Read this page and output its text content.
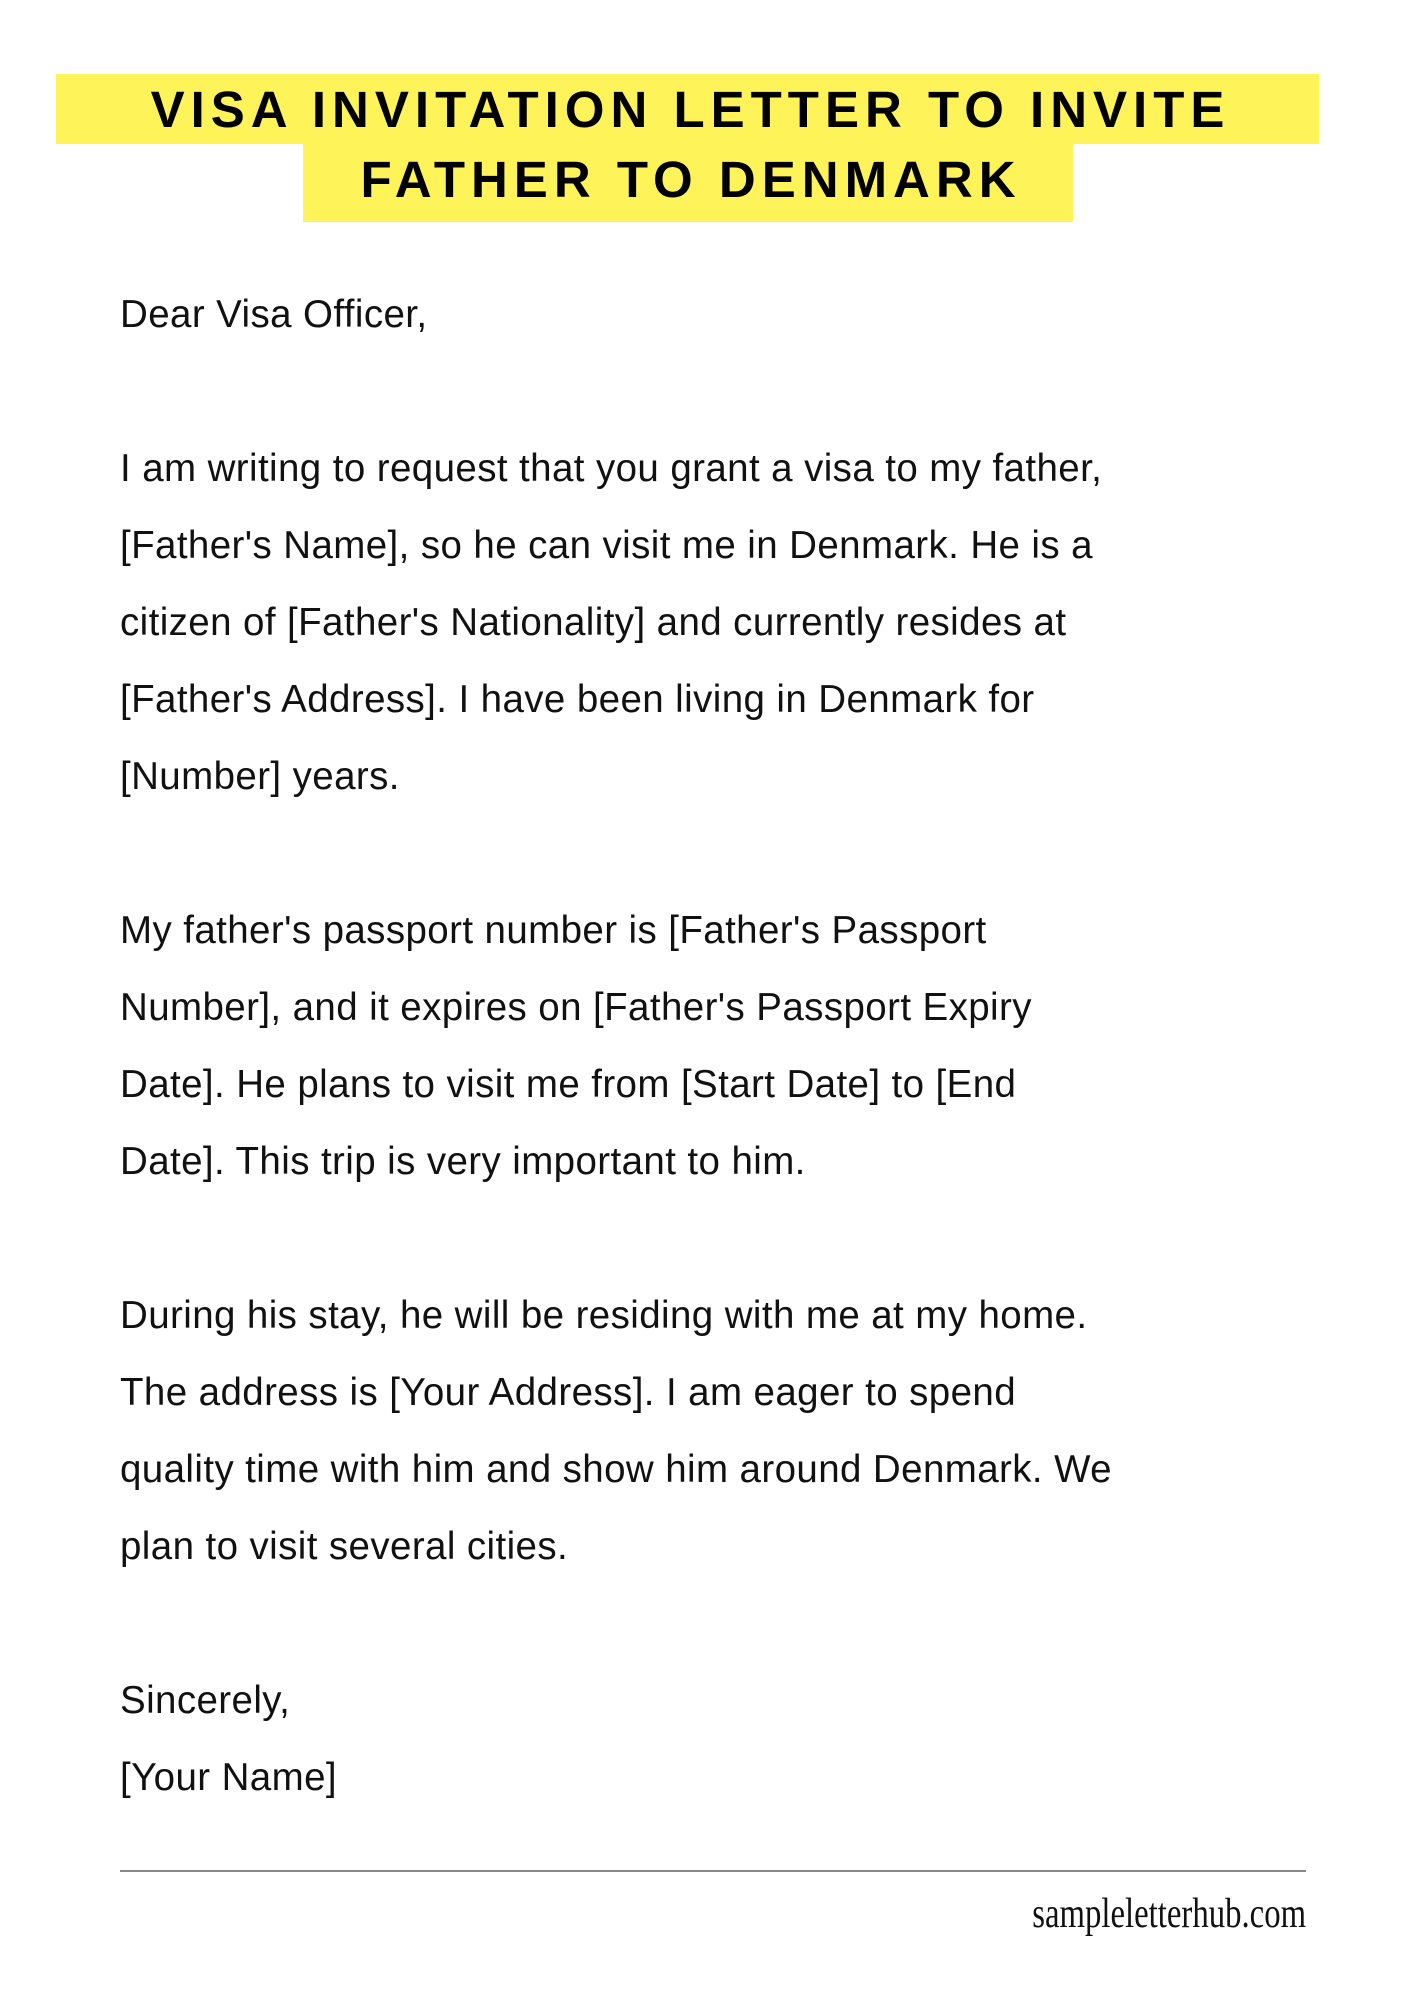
VISA INVITATION LETTER TO INVITE
FATHER TO DENMARK
Dear Visa Officer,
I am writing to request that you grant a visa to my father,
[Father's Name], so he can visit me in Denmark. He is a
citizen of [Father's Nationality] and currently resides at
[Father's Address]. I have been living in Denmark for
[Number] years.
My father's passport number is [Father's Passport
Number], and it expires on [Father's Passport Expiry
Date]. He plans to visit me from [Start Date] to [End
Date]. This trip is very important to him.
During his stay, he will be residing with me at my home.
The address is [Your Address]. I am eager to spend
quality time with him and show him around Denmark. We
plan to visit several cities.
Sincerely,
[Your Name]
sampleletterhub.com
